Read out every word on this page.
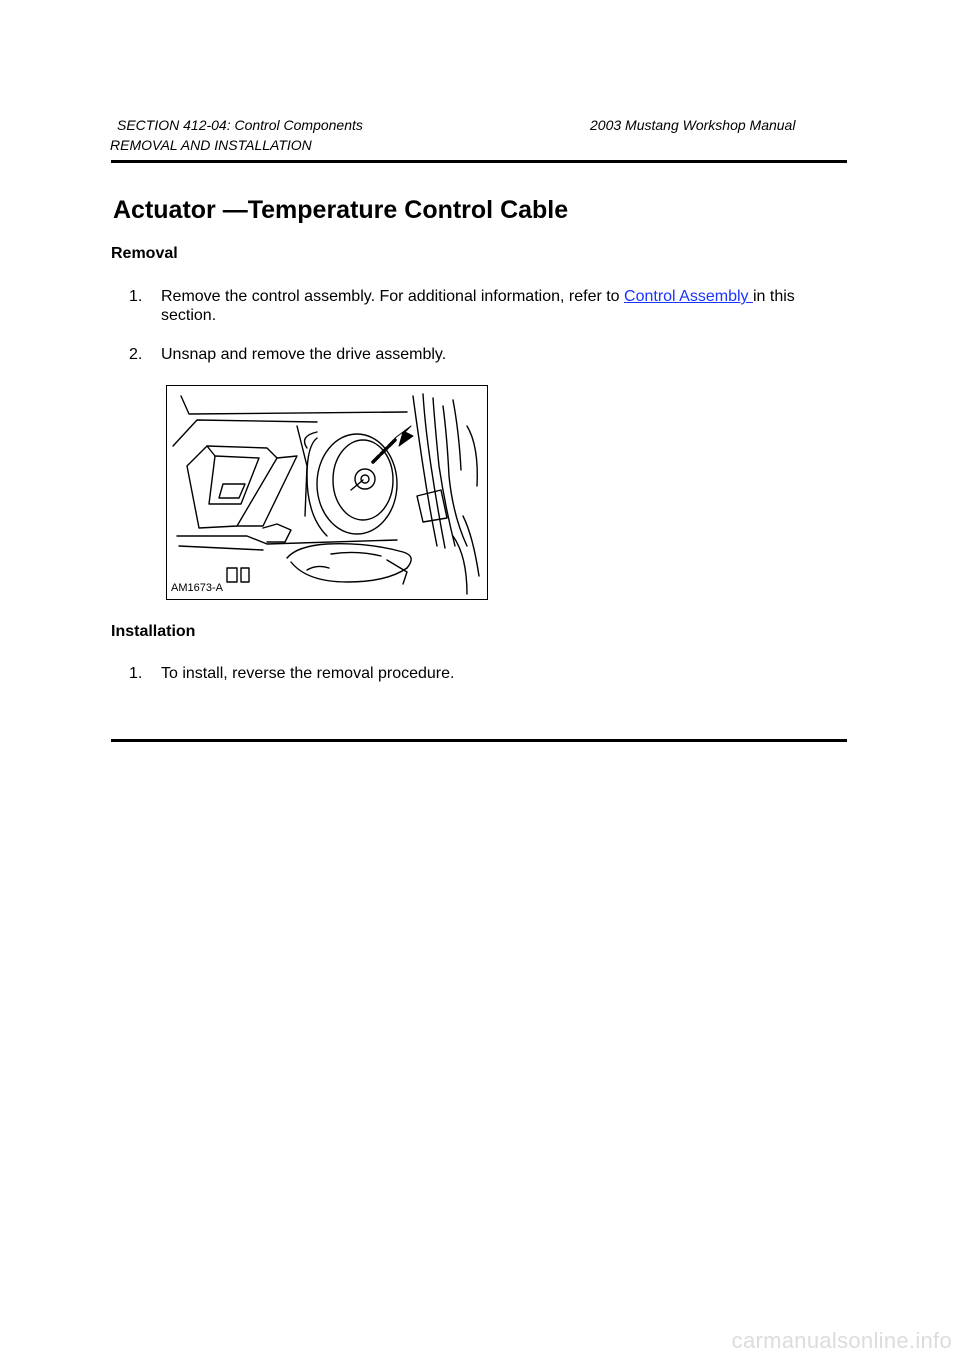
SECTION 412-04: Control Components	2003 Mustang Workshop Manual
REMOVAL AND INSTALLATION
Actuator —Temperature Control Cable
Removal
1. Remove the control assembly. For additional information, refer to Control Assembly in this section.
2. Unsnap and remove the drive assembly.
AM1673-A
Installation
1. To install, reverse the removal procedure.
carmanualsonline.info
